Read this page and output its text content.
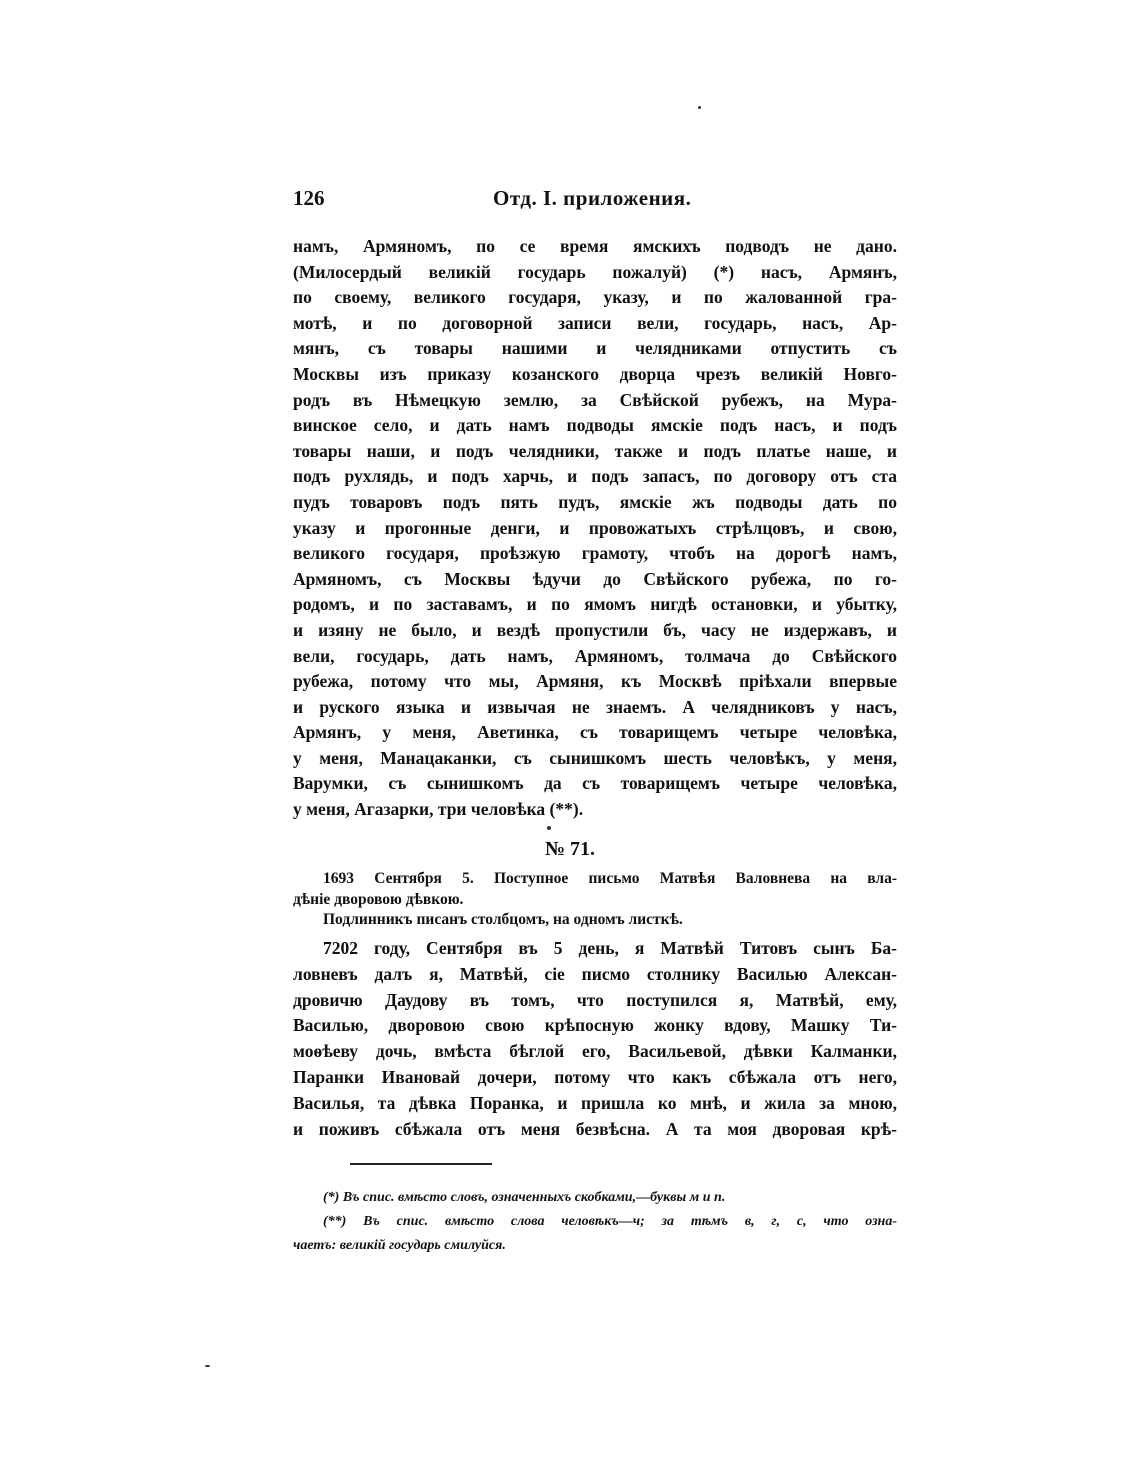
126	Отд. I. приложения.
намъ, Армяномъ, по се время ямскихъ подводъ не дано.
(Милосердый великій государь пожалуй) (*) насъ, Армянъ,
по своему, великого государя, указу, и по жалованной гра-
мотѣ, и по договорной записи вели, государь, насъ, Ар-
мянъ, съ товары нашими и челядниками отпустить съ
Москвы изъ приказу козанского дворца чрезъ великій Новго-
родъ въ Нѣмецкую землю, за Свѣйской рубежъ, на Мура-
винское село, и дать намъ подводы ямскіе подъ насъ, и подъ
товары наши, и подъ челядники, также и подъ платье наше, и
подъ рухлядь, и подъ харчь, и подъ запасъ, по договору отъ ста
пудъ товаровъ подъ пять пудъ, ямскіе жъ подводы дать по
указу и прогонные денги, и провожатыхъ стрѣлцовъ, и свою,
великого государя, проѣзжую грамоту, чтобъ на дорогѣ намъ,
Армяномъ, съ Москвы ѣдучи до Свѣйского рубежа, по го-
родомъ, и по заставамъ, и по ямомъ нигдѣ остановки, и убытку,
и изяну не было, и вездѣ пропустили бъ, часу не издержавъ, и
вели, государь, дать намъ, Армяномъ, толмача до Свѣйского
рубежа, потому что мы, Армяня, къ Москвѣ пріѣхали впервые
и руского языка и извычая не знаемъ. А челядниковъ у насъ,
Армянъ, у меня, Аветинка, съ товарищемъ четыре человѣка,
у меня, Манацаканки, съ сынишкомъ шесть человѣкъ, у меня,
Варумки, съ сынишкомъ да съ товарищемъ четыре человѣка,
у меня, Агазарки, три человѣка (**).
№ 71.
1693 Сентября 5. Поступное письмо Матвѣя Валовнева на вла-
дѣніе дворовою дѣвкою.
Подлинникъ писанъ столбцомъ, на одномъ листкѣ.
7202 году, Сентября въ 5 день, я Матвѣй Титовъ сынъ Ба-
ловневъ далъ я, Матвѣй, сіе писмо столнику Василью Алексан-
дровичю Даудову въ томъ, что поступился я, Матвѣй, ему,
Василью, дворовою свою крѣпосную жонку вдову, Машку Ти-
моѳѣеву дочь, вмѣста бѣглой его, Васильевой, дѣвки Калманки,
Паранки Ивановай дочери, потому что какъ сбѣжала отъ него,
Василья, та дѣвка Поранка, и пришла ко мнѣ, и жила за мною,
и поживъ сбѣжала отъ меня безвѣсна. А та моя дворовая крѣ-
(*) Въ спис. вмѣсто словъ, означенныхъ скобками,—буквы м и п.
(**) Въ спис. вмѣсто слова человѣкъ—ч; за тѣмъ в, г, с, что озна-
чаетъ: великій государь смилуйся.
